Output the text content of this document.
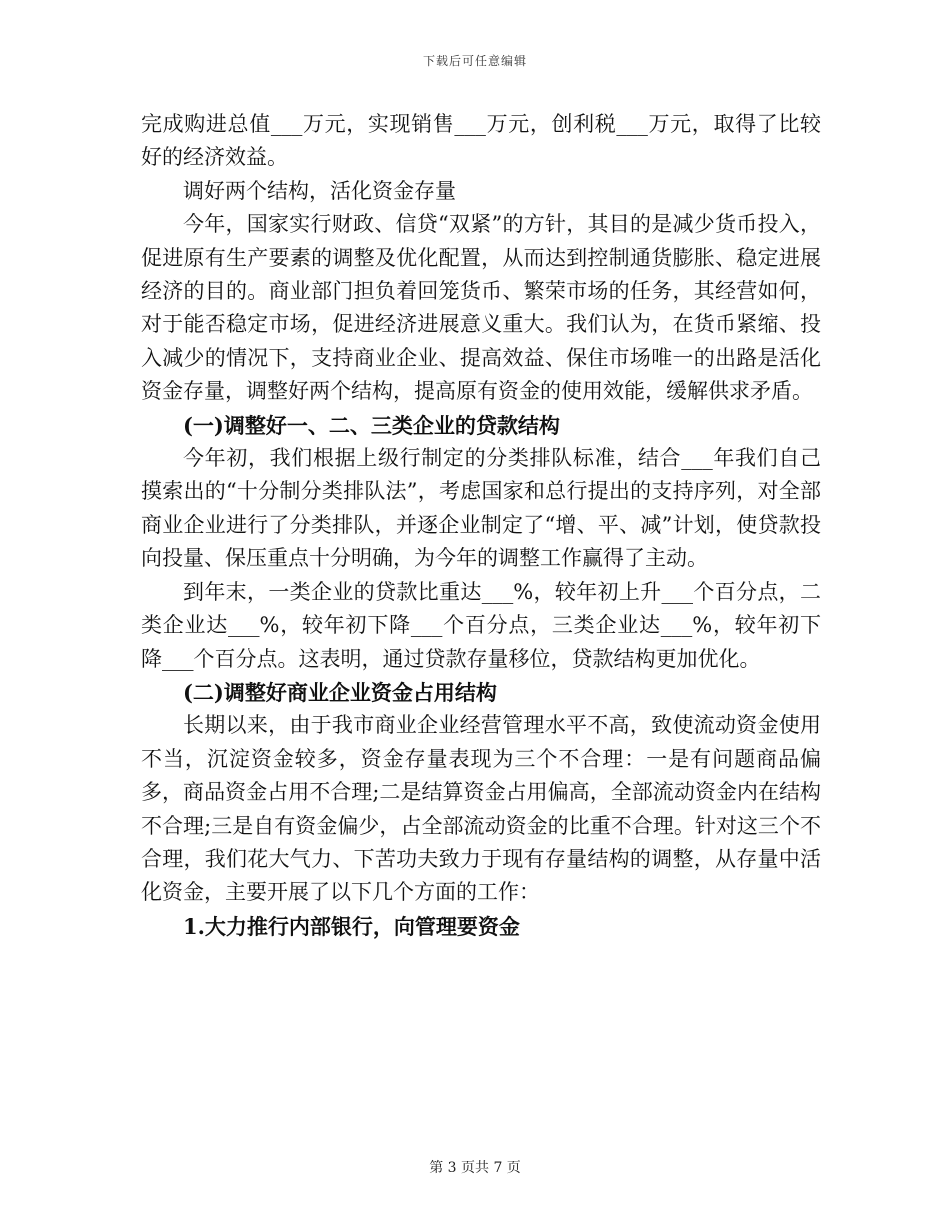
下载后可任意编辑

完成购进总值___万元，实现销售___万元，创利税___万元，取得了比较好的经济效益。

调好两个结构，活化资金存量

今年，国家实行财政、信贷“双紧”的方针，其目的是减少货币投入，促进原有生产要素的调整及优化配置，从而达到控制通货膨胀、稳定进展经济的目的。商业部门担负着回笼货币、繁荣市场的任务，其经营如何，对于能否稳定市场，促进经济进展意义重大。我们认为，在货币紧缩、投入减少的情况下，支持商业企业、提高效益、保住市场唯一的出路是活化资金存量，调整好两个结构，提高原有资金的使用效能，缓解供求矛盾。

(一)调整好一、二、三类企业的贷款结构

今年初，我们根据上级行制定的分类排队标准，结合___年我们自己摸索出的“十分制分类排队法”，考虑国家和总行提出的支持序列，对全部商业企业进行了分类排队，并逐企业制定了“增、平、减”计划，使贷款投向投量、保压重点十分明确，为今年的调整工作赢得了主动。

到年末，一类企业的贷款比重达___%，较年初上升___个百分点，二类企业达___%，较年初下降___个百分点，三类企业达___%，较年初下降___个百分点。这表明，通过贷款存量移位，贷款结构更加优化。

(二)调整好商业企业资金占用结构

长期以来，由于我市商业企业经营管理水平不高，致使流动资金使用不当，沉淀资金较多，资金存量表现为三个不合理：一是有问题商品偏多，商品资金占用不合理;二是结算资金占用偏高，全部流动资金内在结构不合理;三是自有资金偏少，占全部流动资金的比重不合理。针对这三个不合理，我们花大气力、下苦功夫致力于现有存量结构的调整，从存量中活化资金，主要开展了以下几个方面的工作：

1.大力推行内部银行，向管理要资金

第 3 页共 7 页
